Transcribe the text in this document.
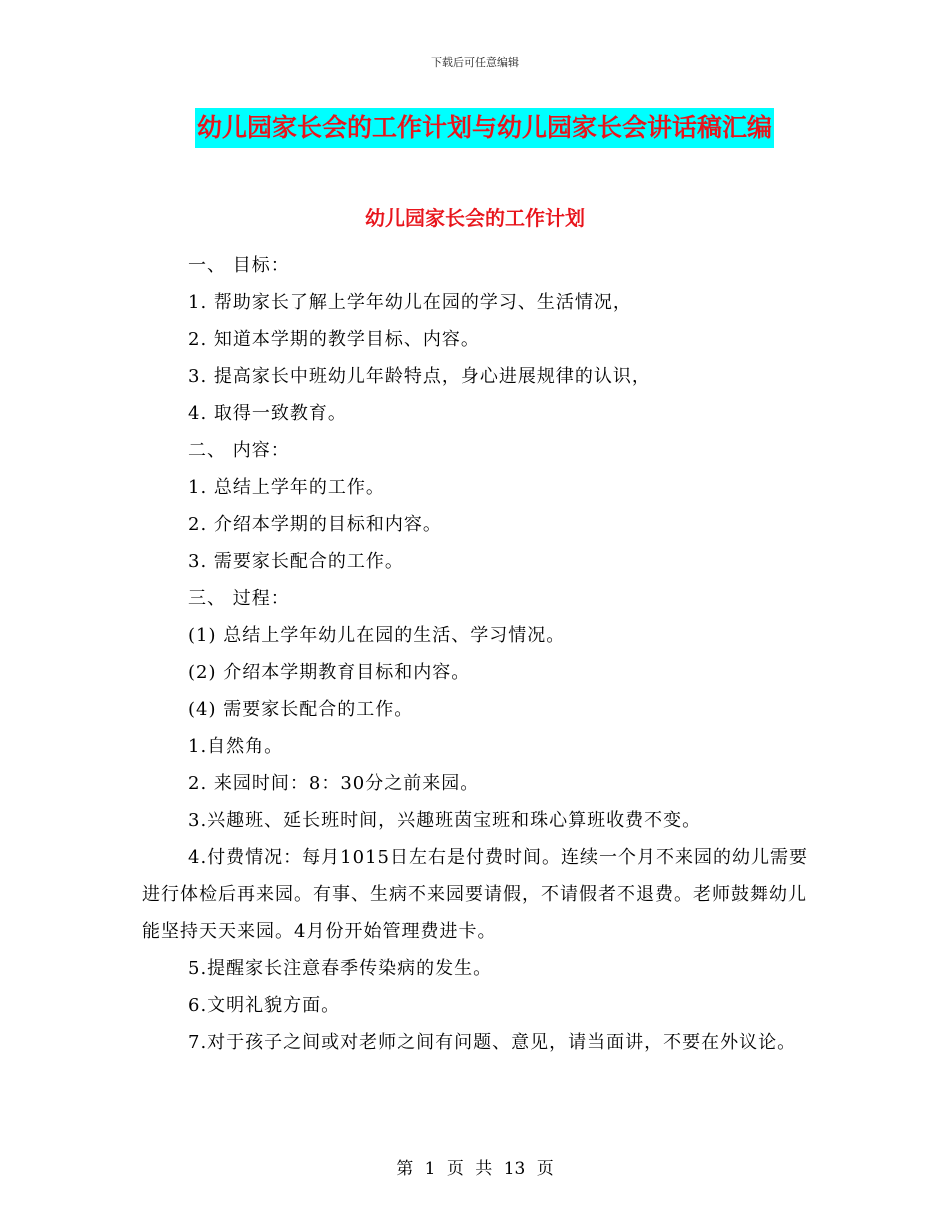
下载后可任意编辑
幼儿园家长会的工作计划与幼儿园家长会讲话稿汇编
幼儿园家长会的工作计划
一、 目标：
1. 帮助家长了解上学年幼儿在园的学习、生活情况，
2. 知道本学期的教学目标、内容。
3. 提高家长中班幼儿年龄特点，身心进展规律的认识，
4. 取得一致教育。
二、 内容：
1. 总结上学年的工作。
2. 介绍本学期的目标和内容。
3. 需要家长配合的工作。
三、 过程：
(1) 总结上学年幼儿在园的生活、学习情况。
(2) 介绍本学期教育目标和内容。
(4) 需要家长配合的工作。
1.自然角。
2. 来园时间：8：30分之前来园。
3.兴趣班、延长班时间，兴趣班茵宝班和珠心算班收费不变。
4.付费情况：每月1015日左右是付费时间。连续一个月不来园的幼儿需要进行体检后再来园。有事、生病不来园要请假，不请假者不退费。老师鼓舞幼儿能坚持天天来园。4月份开始管理费进卡。
5.提醒家长注意春季传染病的发生。
6.文明礼貌方面。
7.对于孩子之间或对老师之间有问题、意见，请当面讲，不要在外议论。
第 1 页 共 13 页
